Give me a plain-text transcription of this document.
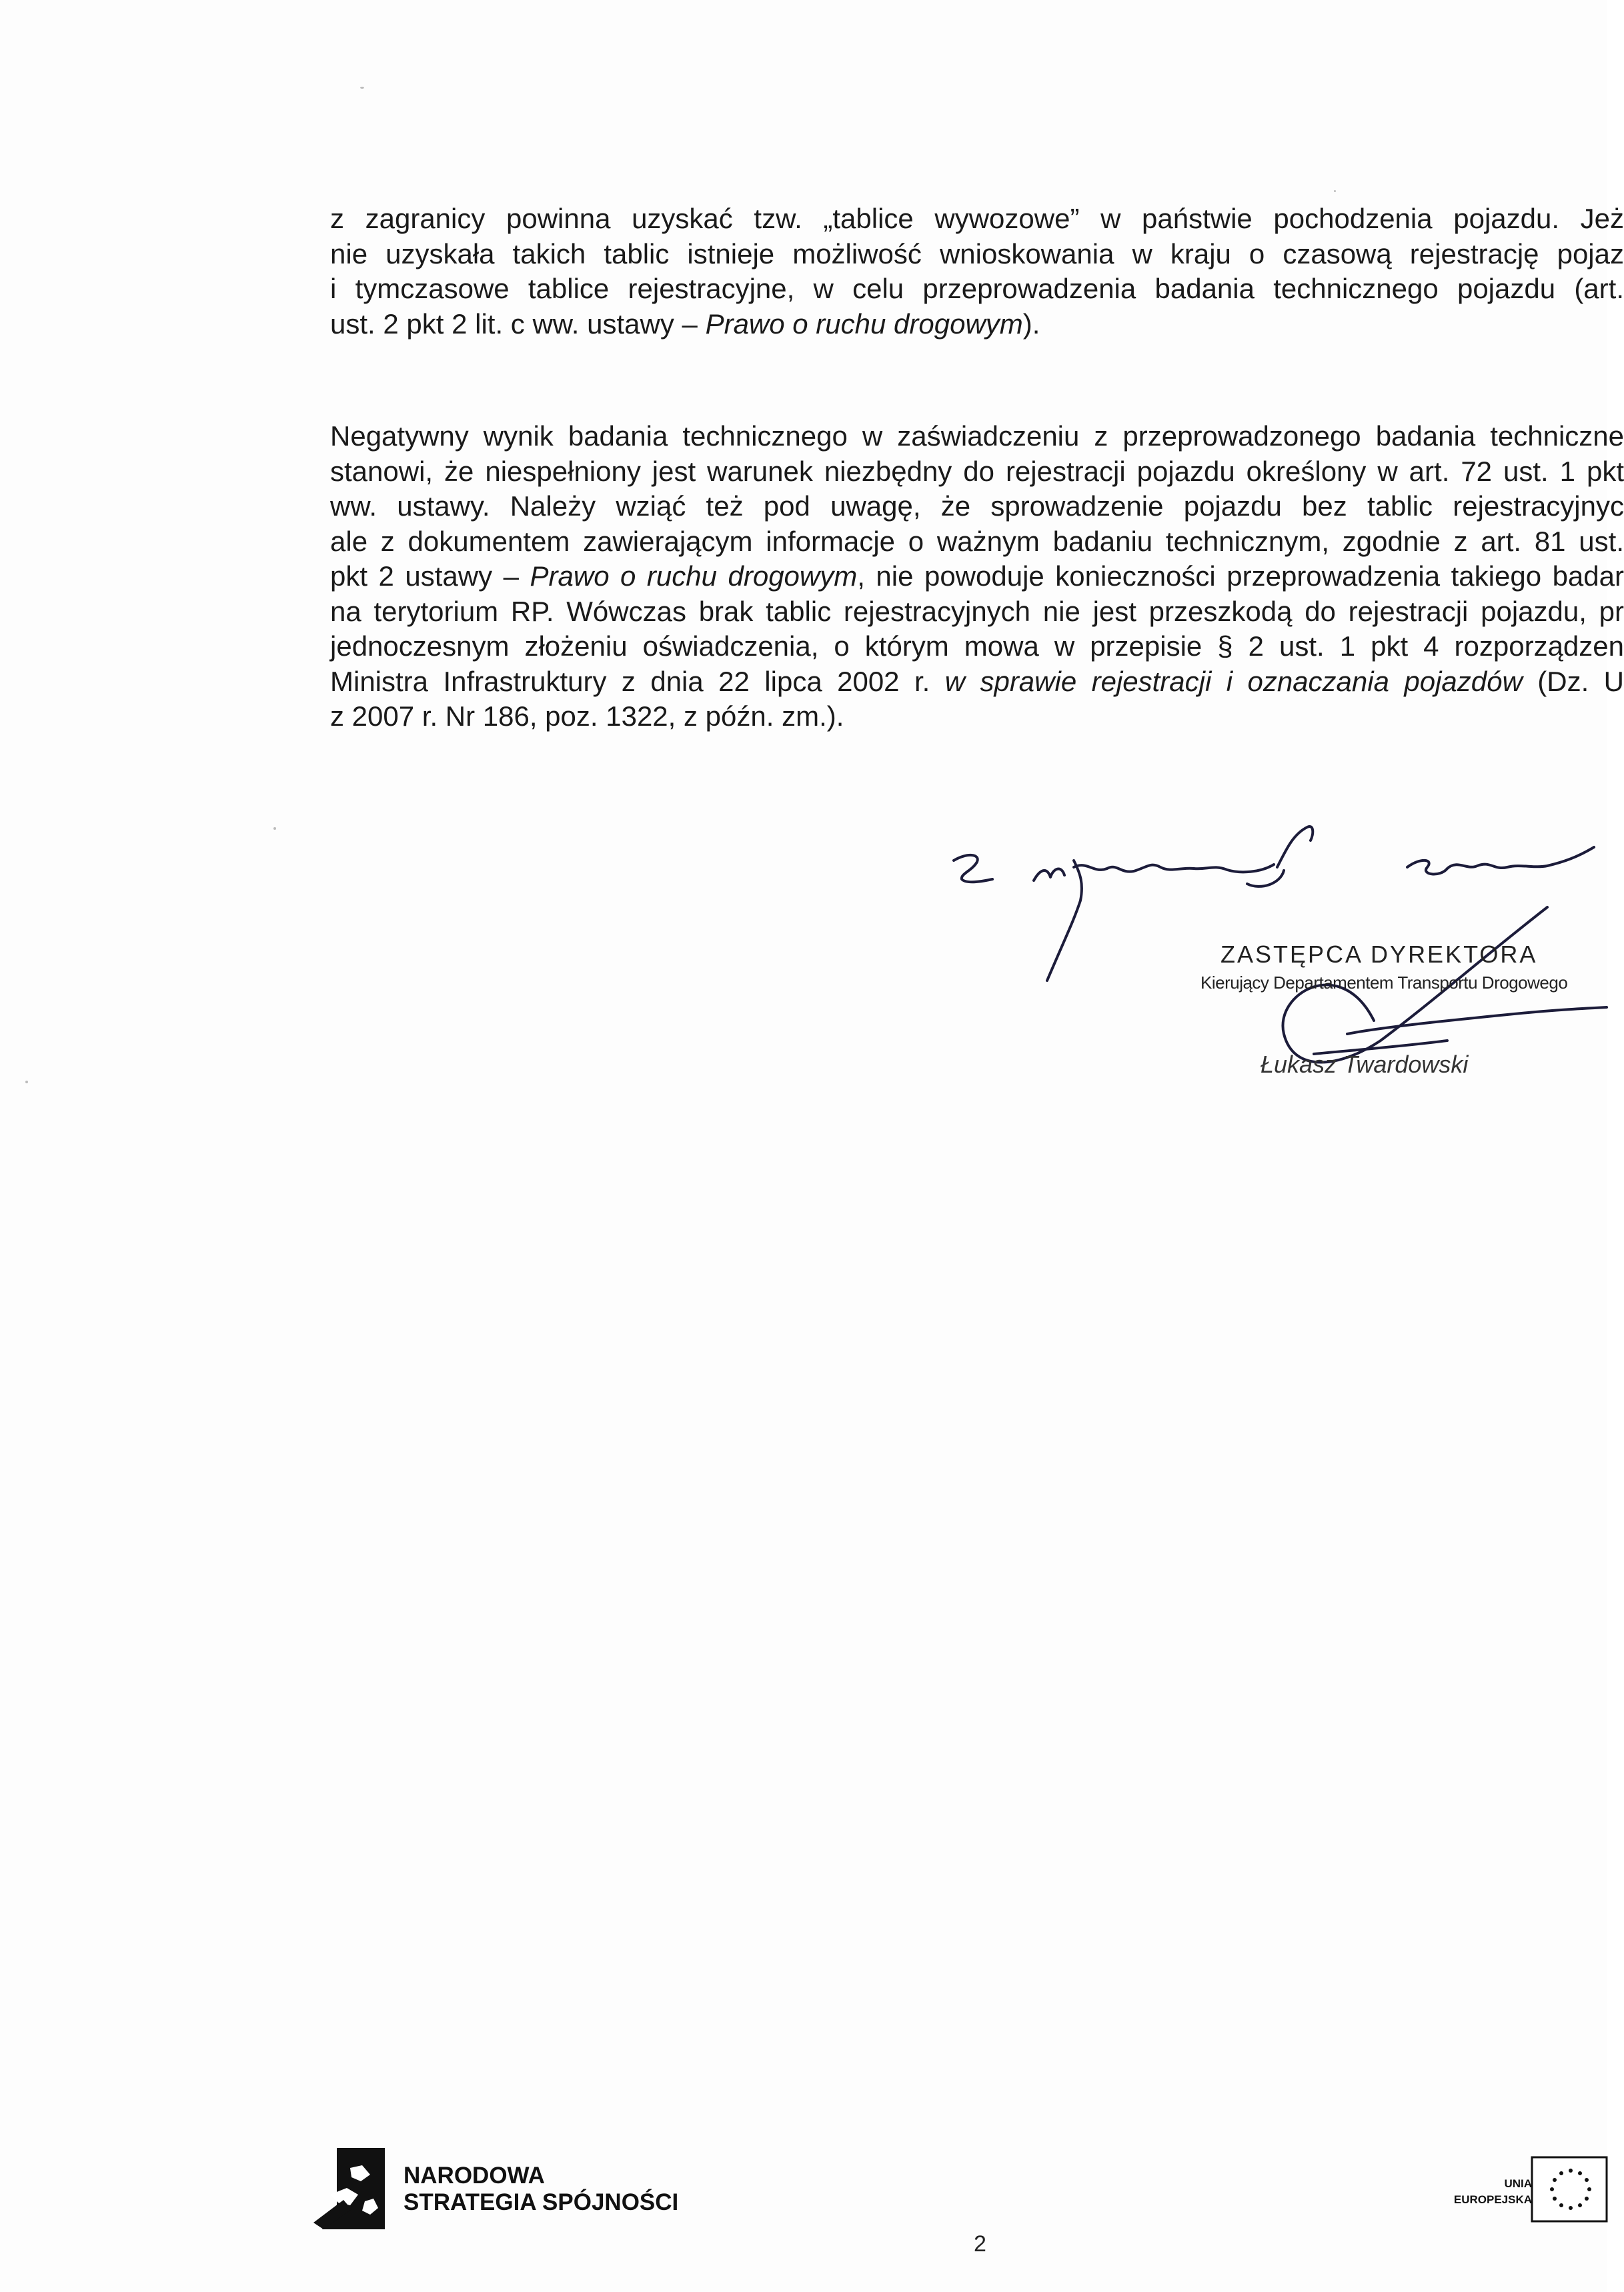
z zagranicy powinna uzyskać tzw. „tablice wywozowe” w państwie pochodzenia pojazdu. Jeż
nie uzyskała takich tablic istnieje możliwość wnioskowania w kraju o czasową rejestrację pojaz
i tymczasowe tablice rejestracyjne, w celu przeprowadzenia badania technicznego pojazdu (art.
ust. 2 pkt 2 lit. c ww. ustawy – Prawo o ruchu drogowym).
Negatywny wynik badania technicznego w zaświadczeniu z przeprowadzonego badania techniczne
stanowi, że niespełniony jest warunek niezbędny do rejestracji pojazdu określony w art. 72 ust. 1 pkt
ww. ustawy. Należy wziąć też pod uwagę, że sprowadzenie pojazdu bez tablic rejestracyjnyc
ale z dokumentem zawierającym informacje o ważnym badaniu technicznym, zgodnie z art. 81 ust.
pkt 2 ustawy – Prawo o ruchu drogowym, nie powoduje konieczności przeprowadzenia takiego badar
na terytorium RP. Wówczas brak tablic rejestracyjnych nie jest przeszkodą do rejestracji pojazdu, pr
jednoczesnym złożeniu oświadczenia, o którym mowa w przepisie § 2 ust. 1 pkt 4 rozporządzen
Ministra Infrastruktury z dnia 22 lipca 2002 r. w sprawie rejestracji i oznaczania pojazdów (Dz. U
z 2007 r. Nr 186, poz. 1322, z późn. zm.).
ZASTĘPCA DYREKTORA
Kierujący Departamentem Transportu Drogowego
Łukasz Twardowski
NARODOWA
STRATEGIA SPÓJNOŚCI
2
UNIA
EUROPEJSKA
